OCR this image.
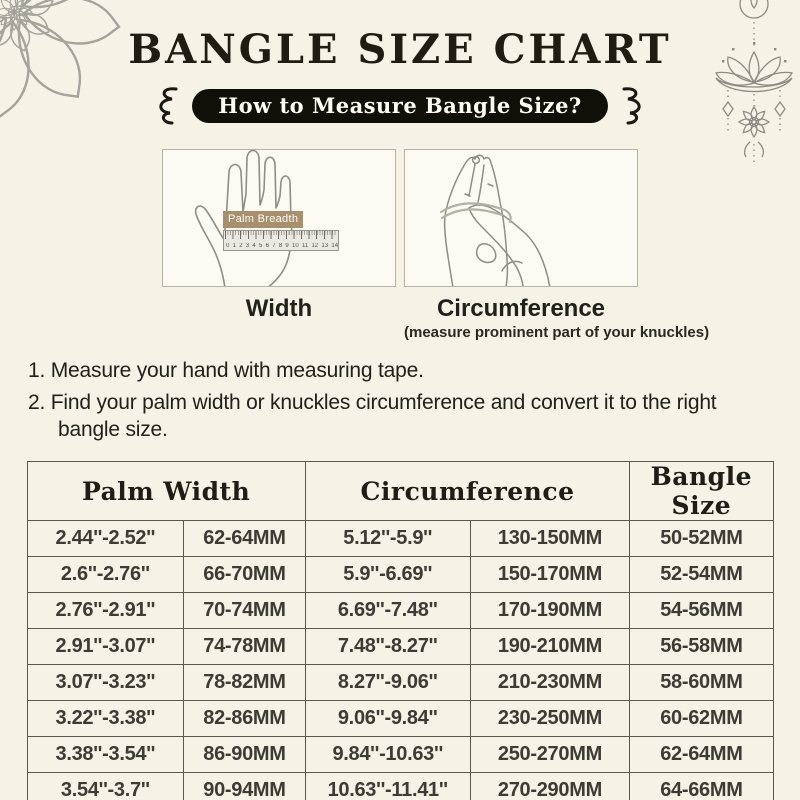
BANGLE SIZE CHART
How to Measure Bangle Size?
Palm Breadth
0 1 2 3 4 5 6 7 8 9 10 11 12 13 14
Width	Circumference
(measure prominent part of your knuckles)
1. Measure your hand with measuring tape.
2. Find your palm width or knuckles circumference and convert it to the right bangle size.
Palm Width		Circumference		Bangle Size
2.44''-2.52''	62-64MM	5.12''-5.9''	130-150MM	50-52MM
2.6''-2.76''	66-70MM	5.9''-6.69''	150-170MM	52-54MM
2.76''-2.91''	70-74MM	6.69''-7.48''	170-190MM	54-56MM
2.91''-3.07''	74-78MM	7.48''-8.27''	190-210MM	56-58MM
3.07''-3.23''	78-82MM	8.27''-9.06''	210-230MM	58-60MM
3.22''-3.38''	82-86MM	9.06''-9.84''	230-250MM	60-62MM
3.38''-3.54''	86-90MM	9.84''-10.63''	250-270MM	62-64MM
3.54''-3.7''	90-94MM	10.63''-11.41''	270-290MM	64-66MM
